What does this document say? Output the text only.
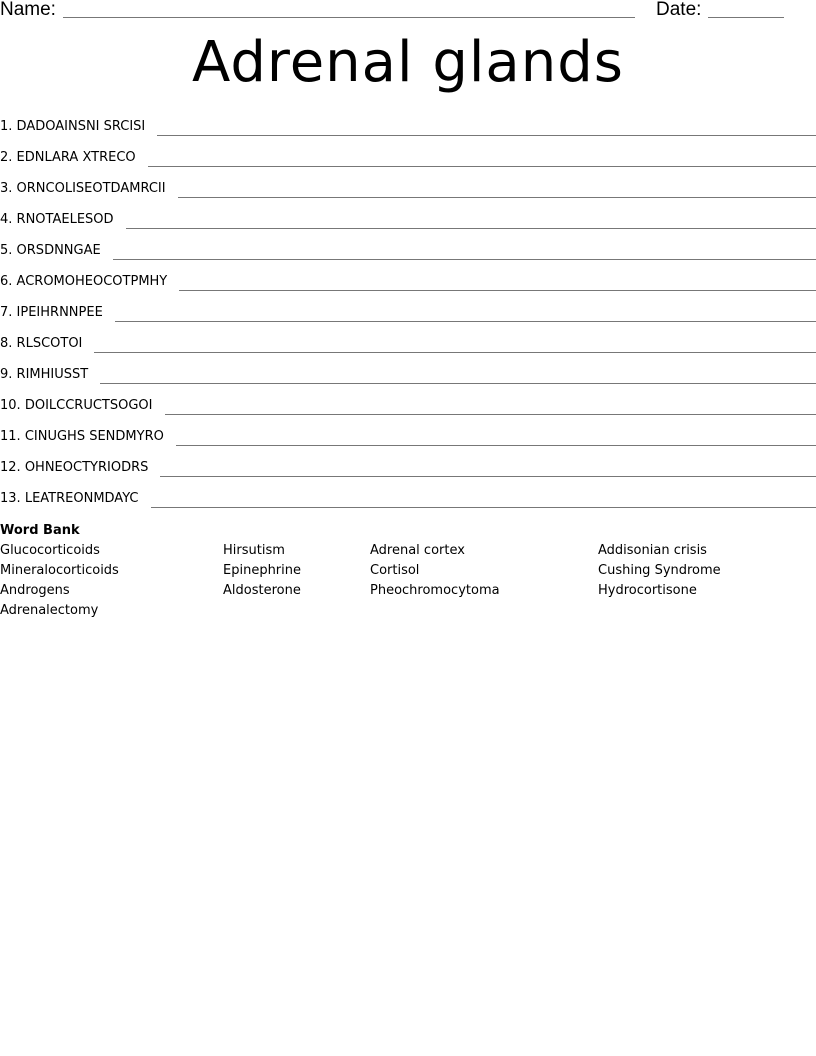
Name:	Date:
Adrenal glands
1.
DADOAINSNI SRCISI
2.
EDNLARA XTRECO
3.
ORNCOLISEOTDAMRCII
4.
RNOTAELESOD
5.
ORSDNNGAE
6.
ACROMOHEOCOTPMHY
7.
IPEIHRNNPEE
8.
RLSCOTOI
9.
RIMHIUSST
10.
DOILCCRUCTSOGOI
11.
CINUGHS SENDMYRO
12.
OHNEOCTYRIODRS
13.
LEATREONMDAYC
Word Bank
Glucocorticoids
Mineralocorticoids
Androgens
Adrenalectomy
Hirsutism
Epinephrine
Aldosterone
Adrenal cortex
Cortisol
Pheochromocytoma
Addisonian crisis
Cushing Syndrome
Hydrocortisone
